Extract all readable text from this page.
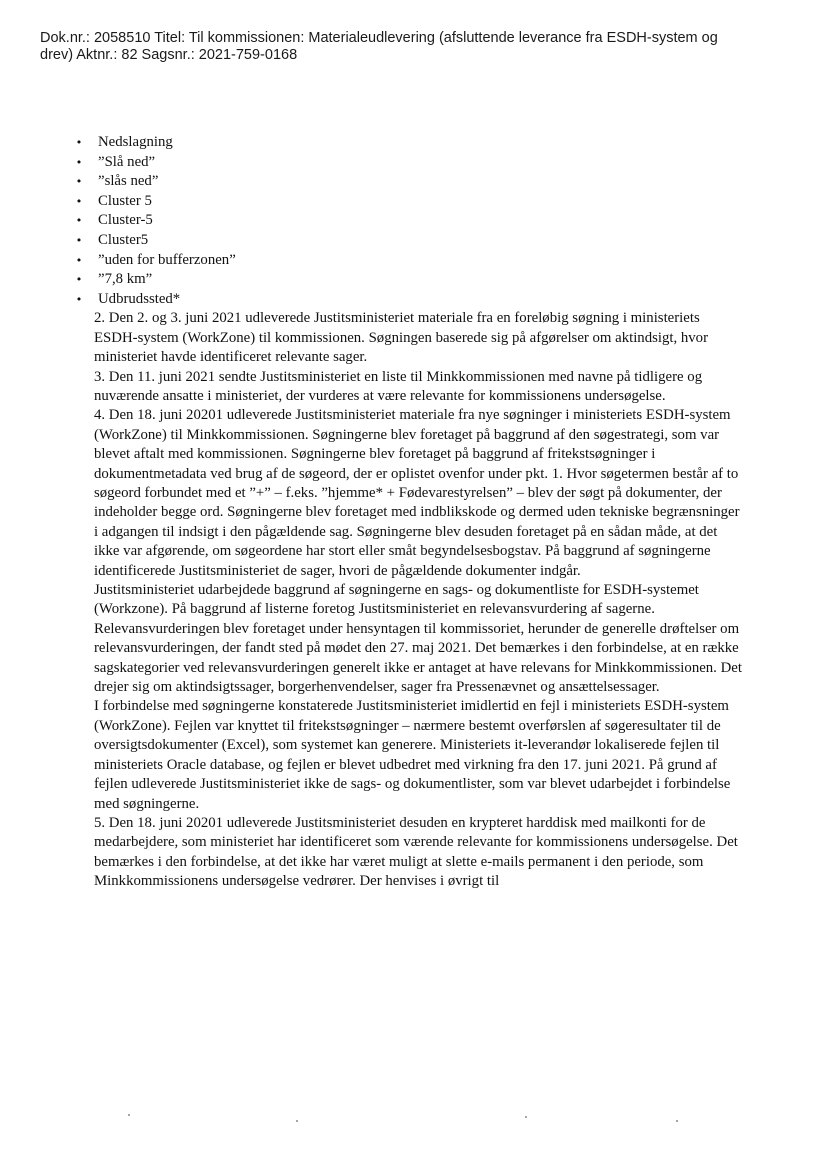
Dok.nr.: 2058510 Titel: Til kommissionen: Materialeudlevering (afsluttende leverance fra ESDH-system og
drev) Aktnr.: 82 Sagsnr.: 2021-759-0168
• Nedslagning
• ”Slå ned”
• ”slås ned”
• Cluster 5
• Cluster-5
• Cluster5
• ”uden for bufferzonen”
• ”7,8 km”
• Udbrudssted*

2. Den 2. og 3. juni 2021 udleverede Justitsministeriet materiale fra en foreløbig søgning i ministeriets ESDH-system (WorkZone) til kommissionen. Søgningen baserede sig på afgørelser om aktindsigt, hvor ministeriet havde identificeret relevante sager.

3. Den 11. juni 2021 sendte Justitsministeriet en liste til Minkkommissionen med navne på tidligere og nuværende ansatte i ministeriet, der vurderes at være relevante for kommissionens undersøgelse.

4. Den 18. juni 20201 udleverede Justitsministeriet materiale fra nye søgninger i ministeriets ESDH-system (WorkZone) til Minkkommissionen. Søgningerne blev foretaget på baggrund af den søgestrategi, som var blevet aftalt med kommissionen. Søgningerne blev foretaget på baggrund af fritekstsøgninger i dokumentmetadata ved brug af de søgeord, der er oplistet ovenfor under pkt. 1. Hvor søgetermen består af to søgeord forbundet med et ”+” – f.eks. ”hjemme* + Fødevarestyrelsen” – blev der søgt på dokumenter, der indeholder begge ord. Søgningerne blev foretaget med indblikskode og dermed uden tekniske begrænsninger i adgangen til indsigt i den pågældende sag. Søgningerne blev desuden foretaget på en sådan måde, at det ikke var afgørende, om søgeordene har stort eller småt begyndelsesbogstav. På baggrund af søgningerne identificerede Justitsministeriet de sager, hvori de pågældende dokumenter indgår.

Justitsministeriet udarbejdede baggrund af søgningerne en sags- og dokumentliste for ESDH-systemet (Workzone). På baggrund af listerne foretog Justitsministeriet en relevansvurdering af sagerne. Relevansvurderingen blev foretaget under hensyntagen til kommissoriet, herunder de generelle drøftelser om relevansvurderingen, der fandt sted på mødet den 27. maj 2021. Det bemærkes i den forbindelse, at en række sagskategorier ved relevansvurderingen generelt ikke er antaget at have relevans for Minkkommissionen. Det drejer sig om aktindsigtssager, borgerhenvendelser, sager fra Pressenævnet og ansættelsessager.

I forbindelse med søgningerne konstaterede Justitsministeriet imidlertid en fejl i ministeriets ESDH-system (WorkZone). Fejlen var knyttet til fritekstsøgninger – nærmere bestemt overførslen af søgeresultater til de oversigtsdokumenter (Excel), som systemet kan generere. Ministeriets it-leverandør lokaliserede fejlen til ministeriets Oracle database, og fejlen er blevet udbedret med virkning fra den 17. juni 2021. På grund af fejlen udleverede Justitsministeriet ikke de sags- og dokumentlister, som var blevet udarbejdet i forbindelse med søgningerne.

5. Den 18. juni 20201 udleverede Justitsministeriet desuden en krypteret harddisk med mailkonti for de medarbejdere, som ministeriet har identificeret som værende relevante for kommissionens undersøgelse. Det bemærkes i den forbindelse, at det ikke har været muligt at slette e-mails permanent i den periode, som Minkkommissionens undersøgelse vedrører. Der henvises i øvrigt til
